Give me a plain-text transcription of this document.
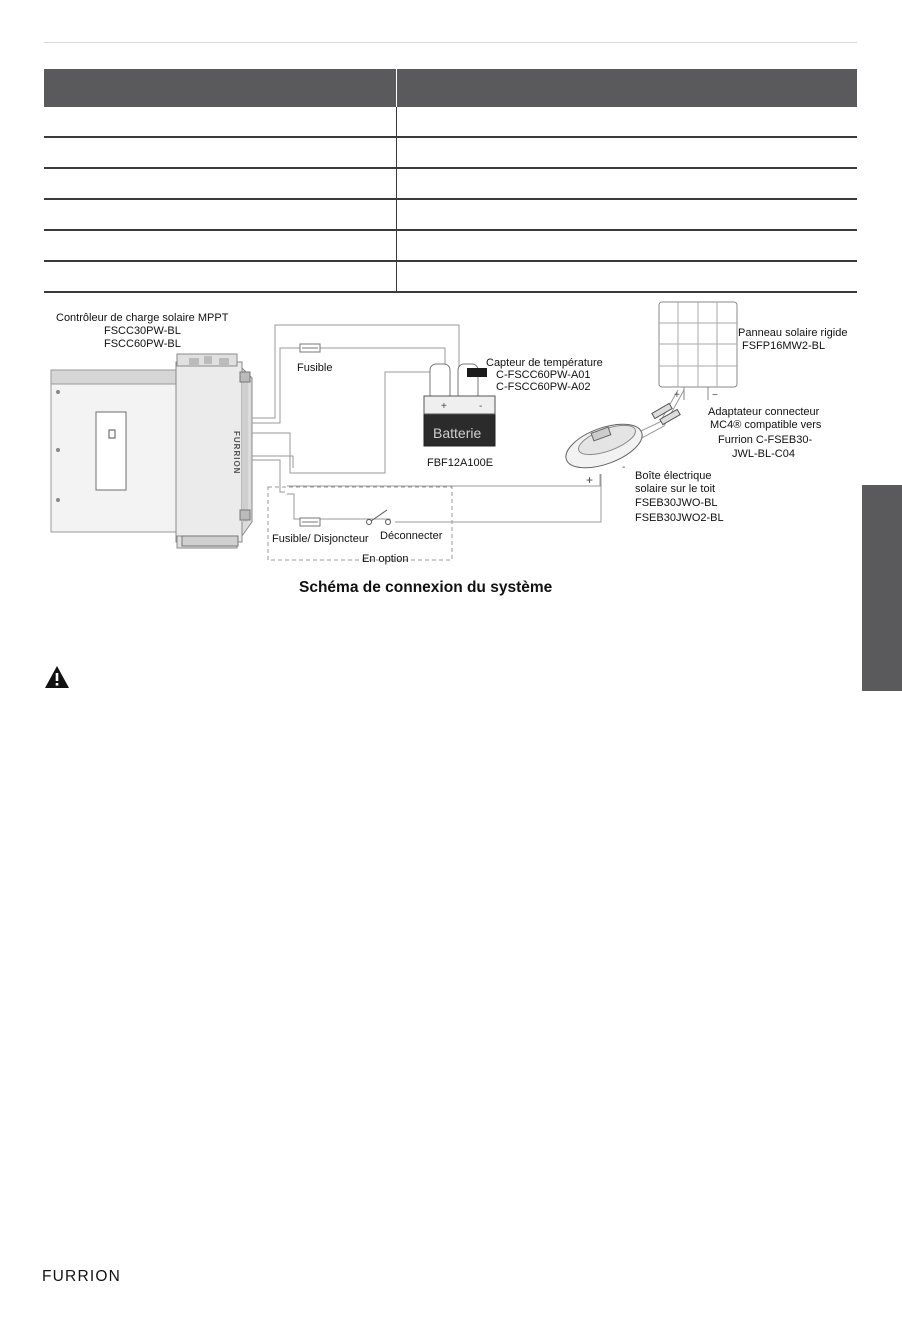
FURRION
Fusible
+	-
Batterie
FBF12A100E
Capteur de température
C-FSCC60PW-A01
C-FSCC60PW-A02
Contrôleur de charge solaire MPPT
FSCC30PW-BL
FSCC60PW-BL
+	−
Panneau solaire rigide
FSFP16MW2-BL
Adaptateur connecteur
MC4® compatible vers
Furrion C-FSEB30-
JWL-BL-C04
-
+	Boîte électrique
solaire sur le toit
FSEB30JWO-BL
FSEB30JWO2-BL
Fusible/ Disjoncteur Déconnecter
En option
Schéma de connexion du système
FURRION
